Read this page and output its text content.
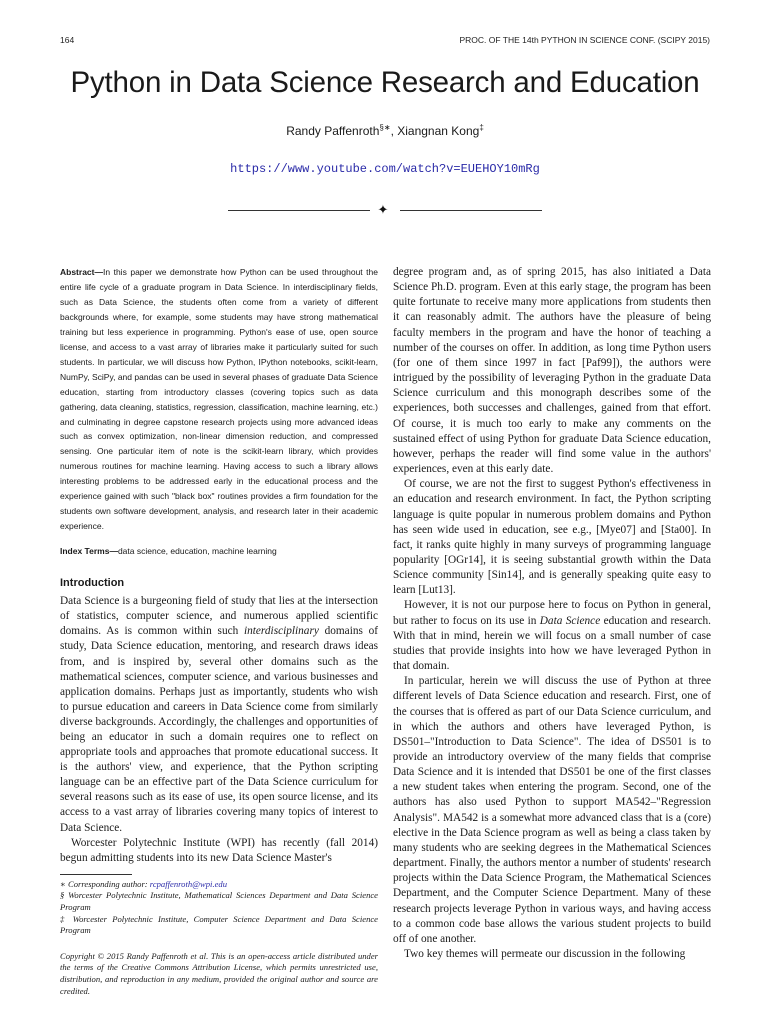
164	PROC. OF THE 14th PYTHON IN SCIENCE CONF. (SCIPY 2015)
Python in Data Science Research and Education
Randy Paffenroth§∗, Xiangnan Kong‡
https://www.youtube.com/watch?v=EUEHOY10mRg
✦
Abstract—In this paper we demonstrate how Python can be used throughout the entire life cycle of a graduate program in Data Science. In interdisciplinary fields, such as Data Science, the students often come from a variety of different backgrounds where, for example, some students may have strong mathematical training but less experience in programming. Python's ease of use, open source license, and access to a vast array of libraries make it particularly suited for such students. In particular, we will discuss how Python, IPython notebooks, scikit-learn, NumPy, SciPy, and pandas can be used in several phases of graduate Data Science education, starting from introductory classes (covering topics such as data gathering, data cleaning, statistics, regression, classification, machine learning, etc.) and culminating in degree capstone research projects using more advanced ideas such as convex optimization, non-linear dimension reduction, and compressed sensing. One particular item of note is the scikit-learn library, which provides numerous routines for machine learning. Having access to such a library allows interesting problems to be addressed early in the educational process and the experience gained with such "black box" routines provides a firm foundation for the students own software development, analysis, and research later in their academic experience.
Index Terms—data science, education, machine learning
Introduction

Data Science is a burgeoning field of study that lies at the intersection of statistics, computer science, and numerous applied scientific domains. As is common within such interdisciplinary domains of study, Data Science education, mentoring, and research draws ideas from, and is inspired by, several other domains such as the mathematical sciences, computer science, and various businesses and application domains. Perhaps just as importantly, students who wish to pursue education and careers in Data Science come from similarly diverse backgrounds. Accordingly, the challenges and opportunities of being an educator in such a domain requires one to reflect on appropriate tools and approaches that promote educational success. It is the authors' view, and experience, that the Python scripting language can be an effective part of the Data Science curriculum for several reasons such as its ease of use, its open source license, and its access to a vast array of libraries covering many topics of interest to Data Science.

Worcester Polytechnic Institute (WPI) has recently (fall 2014) begun admitting students into its new Data Science Master's

∗ Corresponding author: rcpaffenroth@wpi.edu
§ Worcester Polytechnic Institute, Mathematical Sciences Department and Data Science Program
‡ Worcester Polytechnic Institute, Computer Science Department and Data Science Program
Copyright © 2015 Randy Paffenroth et al. This is an open-access article distributed under the terms of the Creative Commons Attribution License, which permits unrestricted use, distribution, and reproduction in any medium, provided the original author and source are credited.

degree program and, as of spring 2015, has also initiated a Data Science Ph.D. program. Even at this early stage, the program has been quite fortunate to receive many more applications from students then it can reasonably admit. The authors have the pleasure of being faculty members in the program and have the honor of teaching a number of the courses on offer. In addition, as long time Python users (for one of them since 1997 in fact [Paf99]), the authors were intrigued by the possibility of leveraging Python in the graduate Data Science curriculum and this monograph describes some of the experiences, both successes and challenges, gained from that effort. Of course, it is much too early to make any comments on the sustained effect of using Python for graduate Data Science education, however, perhaps the reader will find some value in the authors' experiences, even at this early date.

Of course, we are not the first to suggest Python's effectiveness in an education and research environment. In fact, the Python scripting language is quite popular in numerous problem domains and Python has seen wide used in education, see e.g., [Mye07] and [Sta00]. In fact, it ranks quite highly in many surveys of programming language popularity [OGr14], it is seeing substantial growth within the Data Science community [Sin14], and is generally speaking quite easy to learn [Lut13].

However, it is not our purpose here to focus on Python in general, but rather to focus on its use in Data Science education and research. With that in mind, herein we will focus on a small number of case studies that provide insights into how we have leveraged Python in that domain.

In particular, herein we will discuss the use of Python at three different levels of Data Science education and research. First, one of the courses that is offered as part of our Data Science curriculum, and in which the authors and others have leveraged Python, is DS501–"Introduction to Data Science". The idea of DS501 is to provide an introductory overview of the many fields that comprise Data Science and it is intended that DS501 be one of the first classes a new student takes when entering the program. Second, one of the authors has also used Python to support MA542–"Regression Analysis". MA542 is a somewhat more advanced class that is a (core) elective in the Data Science program as well as being a class taken by many students who are seeking degrees in the Mathematical Sciences department. Finally, the authors mentor a number of students' research projects within the Data Science Program, the Mathematical Sciences Department, and the Computer Science Department. Many of these research projects leverage Python in various ways, and having access to a common code base allows the various student projects to build off of one another.

Two key themes will permeate our discussion in the following
